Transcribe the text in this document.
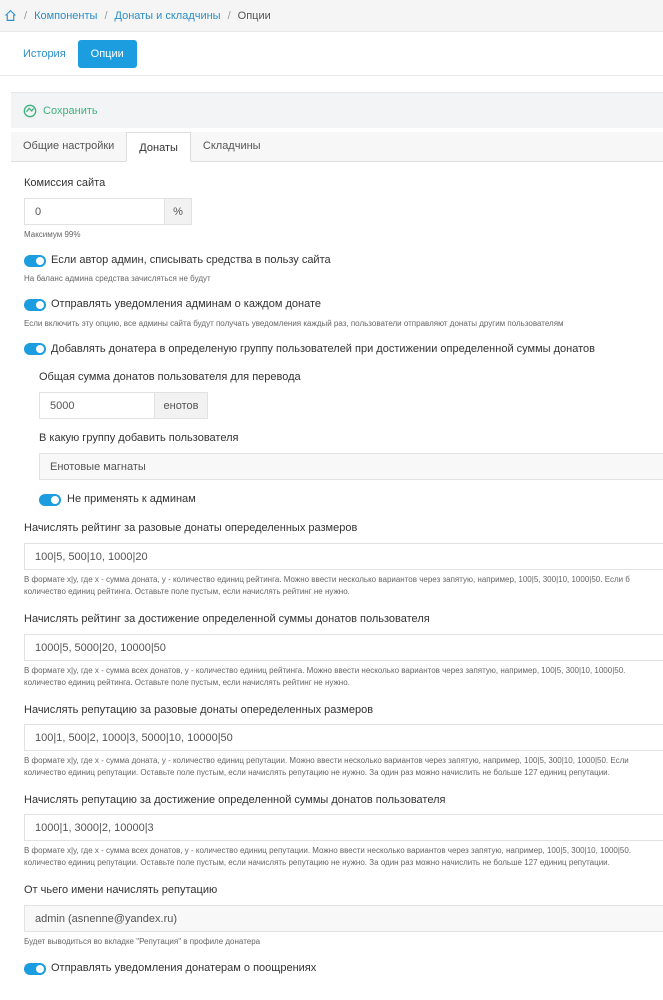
/ Компоненты / Донаты и складчины / Опции
История	Опции
Сохранить
Общие настройки	Донаты	Складчины
Комиссия сайта
0	%
Максимум 99%
Если автор админ, списывать средства в пользу сайта
На баланс админа средства зачисляться не будут
Отправлять уведомления админам о каждом донате
Если включить эту опцию, все админы сайта будут получать уведомления каждый раз, пользователи отправляют донаты другим пользователям
Добавлять донатера в определеную группу пользователей при достижении определенной суммы донатов
Общая сумма донатов пользователя для перевода
5000	енотов
В какую группу добавить пользователя
Енотовые магнаты
Не применять к админам
Начислять рейтинг за разовые донаты опеределенных размеров
100|5, 500|10, 1000|20
В формате x|y, где x - сумма доната, y - количество единиц рейтинга. Можно ввести несколько вариантов через запятую, например, 100|5, 300|10, 1000|50. Если б
количество единиц рейтинга. Оставьте поле пустым, если начислять рейтинг не нужно.
Начислять рейтинг за достижение определенной суммы донатов пользователя
1000|5, 5000|20, 10000|50
В формате x|y, где x - сумма всех донатов, y - количество единиц рейтинга. Можно ввести несколько вариантов через запятую, например, 100|5, 300|10, 1000|50.
количество единиц рейтинга. Оставьте поле пустым, если начислять рейтинг не нужно.
Начислять репутацию за разовые донаты опеределенных размеров
100|1, 500|2, 1000|3, 5000|10, 10000|50
В формате x|y, где x - сумма доната, y - количество единиц репутации. Можно ввести несколько вариантов через запятую, например, 100|5, 300|10, 1000|50. Если
количество единиц репутации. Оставьте поле пустым, если начислять репутацию не нужно. За один раз можно начислить не больше 127 единиц репутации.
Начислять репутацию за достижение определенной суммы донатов пользователя
1000|1, 3000|2, 10000|3
В формате x|y, где x - сумма всех донатов, y - количество единиц репутации. Можно ввести несколько вариантов через запятую, например, 100|5, 300|10, 1000|50.
количество единиц репутации. Оставьте поле пустым, если начислять репутацию не нужно. За один раз можно начислить не больше 127 единиц репутации.
От чьего имени начислять репутацию
admin (asnenne@yandex.ru)
Будет выводиться во вкладке "Репутация" в профиле донатера
Отправлять уведомления донатерам о поощрениях
